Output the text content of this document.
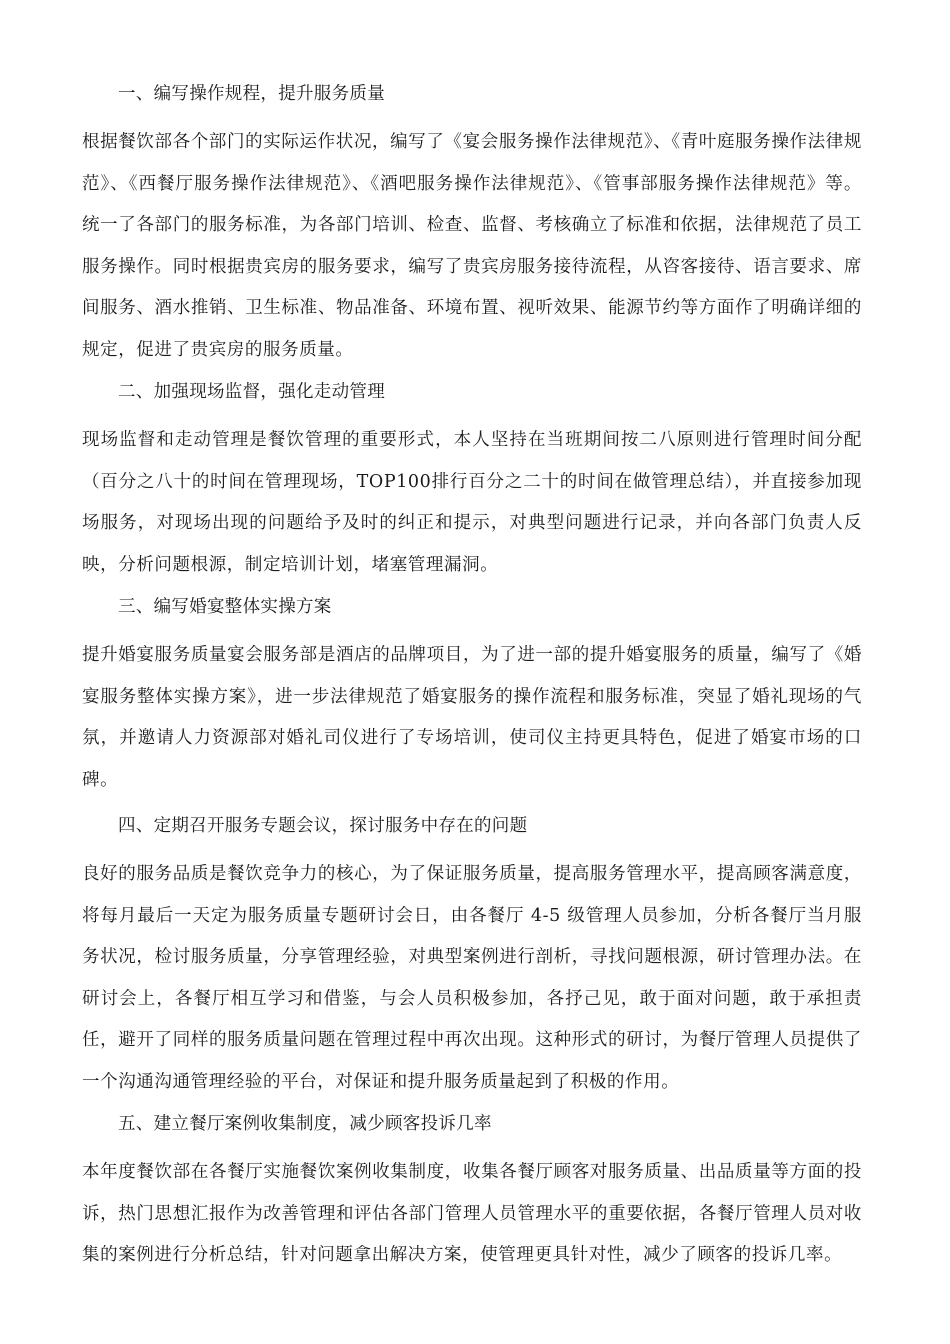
一、编写操作规程，提升服务质量

根据餐饮部各个部门的实际运作状况，编写了《宴会服务操作法律规范》、《青叶庭服务操作法律规范》、《西餐厅服务操作法律规范》、《酒吧服务操作法律规范》、《管事部服务操作法律规范》等。统一了各部门的服务标准，为各部门培训、检查、监督、考核确立了标准和依据，法律规范了员工服务操作。同时根据贵宾房的服务要求，编写了贵宾房服务接待流程，从咨客接待、语言要求、席间服务、酒水推销、卫生标准、物品准备、环境布置、视听效果、能源节约等方面作了明确详细的规定，促进了贵宾房的服务质量。

二、加强现场监督，强化走动管理

现场监督和走动管理是餐饮管理的重要形式，本人坚持在当班期间按二八原则进行管理时间分配（百分之八十的时间在管理现场，TOP100排行百分之二十的时间在做管理总结），并直接参加现场服务，对现场出现的问题给予及时的纠正和提示，对典型问题进行记录，并向各部门负责人反映，分析问题根源，制定培训计划，堵塞管理漏洞。

三、编写婚宴整体实操方案

提升婚宴服务质量宴会服务部是酒店的品牌项目，为了进一部的提升婚宴服务的质量，编写了《婚宴服务整体实操方案》，进一步法律规范了婚宴服务的操作流程和服务标准，突显了婚礼现场的气氛，并邀请人力资源部对婚礼司仪进行了专场培训，使司仪主持更具特色，促进了婚宴市场的口碑。

四、定期召开服务专题会议，探讨服务中存在的问题

良好的服务品质是餐饮竞争力的核心，为了保证服务质量，提高服务管理水平，提高顾客满意度，将每月最后一天定为服务质量专题研讨会日，由各餐厅 4-5 级管理人员参加，分析各餐厅当月服务状况，检讨服务质量，分享管理经验，对典型案例进行剖析，寻找问题根源，研讨管理办法。在研讨会上，各餐厅相互学习和借鉴，与会人员积极参加，各抒己见，敢于面对问题，敢于承担责任，避开了同样的服务质量问题在管理过程中再次出现。这种形式的研讨，为餐厅管理人员提供了一个沟通沟通管理经验的平台，对保证和提升服务质量起到了积极的作用。

五、建立餐厅案例收集制度，减少顾客投诉几率

本年度餐饮部在各餐厅实施餐饮案例收集制度，收集各餐厅顾客对服务质量、出品质量等方面的投诉，热门思想汇报作为改善管理和评估各部门管理人员管理水平的重要依据，各餐厅管理人员对收集的案例进行分析总结，针对问题拿出解决方案，使管理更具针对性，减少了顾客的投诉几率。
